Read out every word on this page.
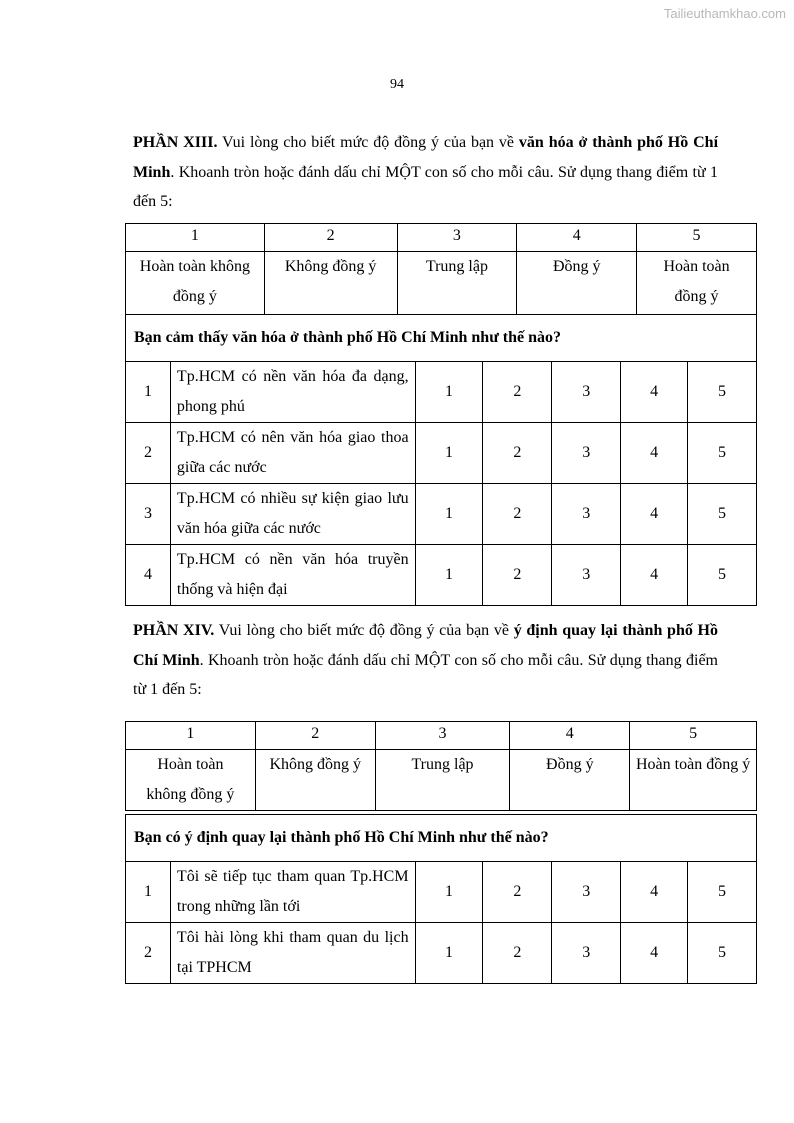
Tailieuthamkhao.com
94

PHẦN XIII. Vui lòng cho biết mức độ đồng ý của bạn về văn hóa ở thành phố Hồ Chí Minh. Khoanh tròn hoặc đánh dấu chỉ MỘT con số cho mỗi câu. Sử dụng thang điểm từ 1 đến 5:

1	2	3	4	5
Hoàn toàn không đồng ý	Không đồng ý	Trung lập	Đồng ý	Hoàn toàn đồng ý
Bạn cảm thấy văn hóa ở thành phố Hồ Chí Minh như thế nào?						
1	Tp.HCM có nền văn hóa đa dạng, phong phú	1	2	3	4	5
2	Tp.HCM có nên văn hóa giao thoa giữa các nước	1	2	3	4	5
3	Tp.HCM có nhiều sự kiện giao lưu văn hóa giữa các nước	1	2	3	4	5
4	Tp.HCM có nền văn hóa truyền thống và hiện đại	1	2	3	4	5

PHẦN XIV. Vui lòng cho biết mức độ đồng ý của bạn về ý định quay lại thành phố Hồ Chí Minh. Khoanh tròn hoặc đánh dấu chỉ MỘT con số cho mỗi câu. Sử dụng thang điểm từ 1 đến 5:

1	2	3	4	5
Hoàn toàn không đồng ý	Không đồng ý	Trung lập	Đồng ý	Hoàn toàn đồng ý
Bạn có ý định quay lại thành phố Hồ Chí Minh như thế nào?						
1	Tôi sẽ tiếp tục tham quan Tp.HCM trong những lần tới	1	2	3	4	5
2	Tôi hài lòng khi tham quan du lịch tại TPHCM	1	2	3	4	5
